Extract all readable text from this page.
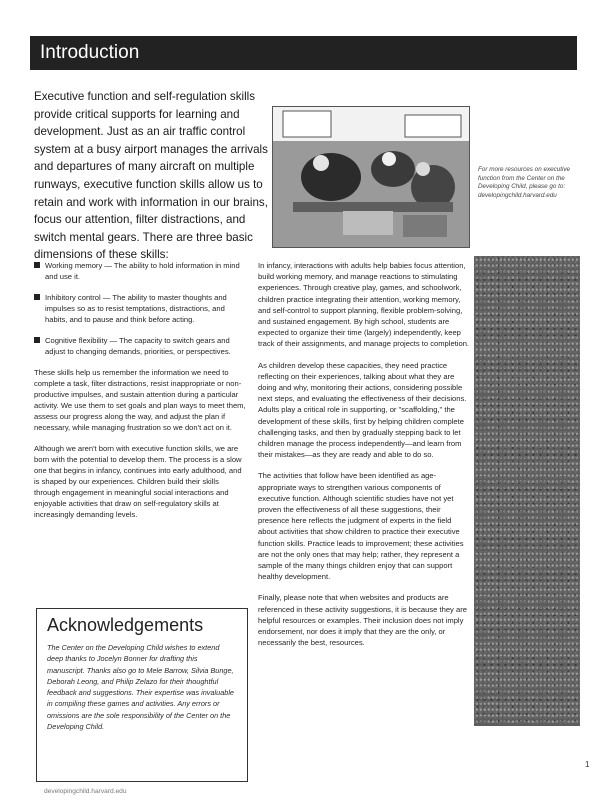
Introduction

Executive function and self-regulation skills provide critical supports for learning and development. Just as an air traffic control system at a busy airport manages the arrivals and departures of many aircraft on multiple runways, executive function skills allow us to retain and work with information in our brains, focus our attention, filter distractions, and switch mental gears. There are three basic dimensions of these skills:

For more resources on executive function from the Center on the Developing Child, please go to: developingchild.harvard.edu

Working memory — The ability to hold information in mind and use it.
Inhibitory control — The ability to master thoughts and impulses so as to resist temptations, distractions, and habits, and to pause and think before acting.
Cognitive flexibility — The capacity to switch gears and adjust to changing demands, priorities, or perspectives.

These skills help us remember the information we need to complete a task, filter distractions, resist inappropriate or non-productive impulses, and sustain attention during a particular activity. We use them to set goals and plan ways to meet them, assess our progress along the way, and adjust the plan if necessary, while managing frustration so we don't act on it.

Although we aren't born with executive function skills, we are born with the potential to develop them. The process is a slow one that begins in infancy, continues into early adulthood, and is shaped by our experiences. Children build their skills through engagement in meaningful social interactions and enjoyable activities that draw on self-regulatory skills at increasingly demanding levels.

In infancy, interactions with adults help babies focus attention, build working memory, and manage reactions to stimulating experiences. Through creative play, games, and schoolwork, children practice integrating their attention, working memory, and self-control to support planning, flexible problem-solving, and sustained engagement. By high school, students are expected to organize their time (largely) independently, keep track of their assignments, and manage projects to completion.

As children develop these capacities, they need practice reflecting on their experiences, talking about what they are doing and why, monitoring their actions, considering possible next steps, and evaluating the effectiveness of their decisions. Adults play a critical role in supporting, or "scaffolding," the development of these skills, first by helping children complete challenging tasks, and then by gradually stepping back to let children manage the process independently—and learn from their mistakes—as they are ready and able to do so.

The activities that follow have been identified as age-appropriate ways to strengthen various components of executive function. Although scientific studies have not yet proven the effectiveness of all these suggestions, their presence here reflects the judgment of experts in the field about activities that show children to practice their executive function skills. Practice leads to improvement; these activities are not the only ones that may help; rather, they represent a sample of the many things children enjoy that can support healthy development.

Finally, please note that when websites and products are referenced in these activity suggestions, it is because they are helpful resources or examples. Their inclusion does not imply endorsement, nor does it imply that they are the only, or necessarily the best, resources.

Acknowledgements

The Center on the Developing Child wishes to extend deep thanks to Jocelyn Bonner for drafting this manuscript. Thanks also go to Mele Barrow, Silvia Bunge, Deborah Leong, and Philip Zelazo for their thoughtful feedback and suggestions. Their expertise was invaluable in compiling these games and activities. Any errors or omissions are the sole responsibility of the Center on the Developing Child.

developingchild.harvard.edu
1
